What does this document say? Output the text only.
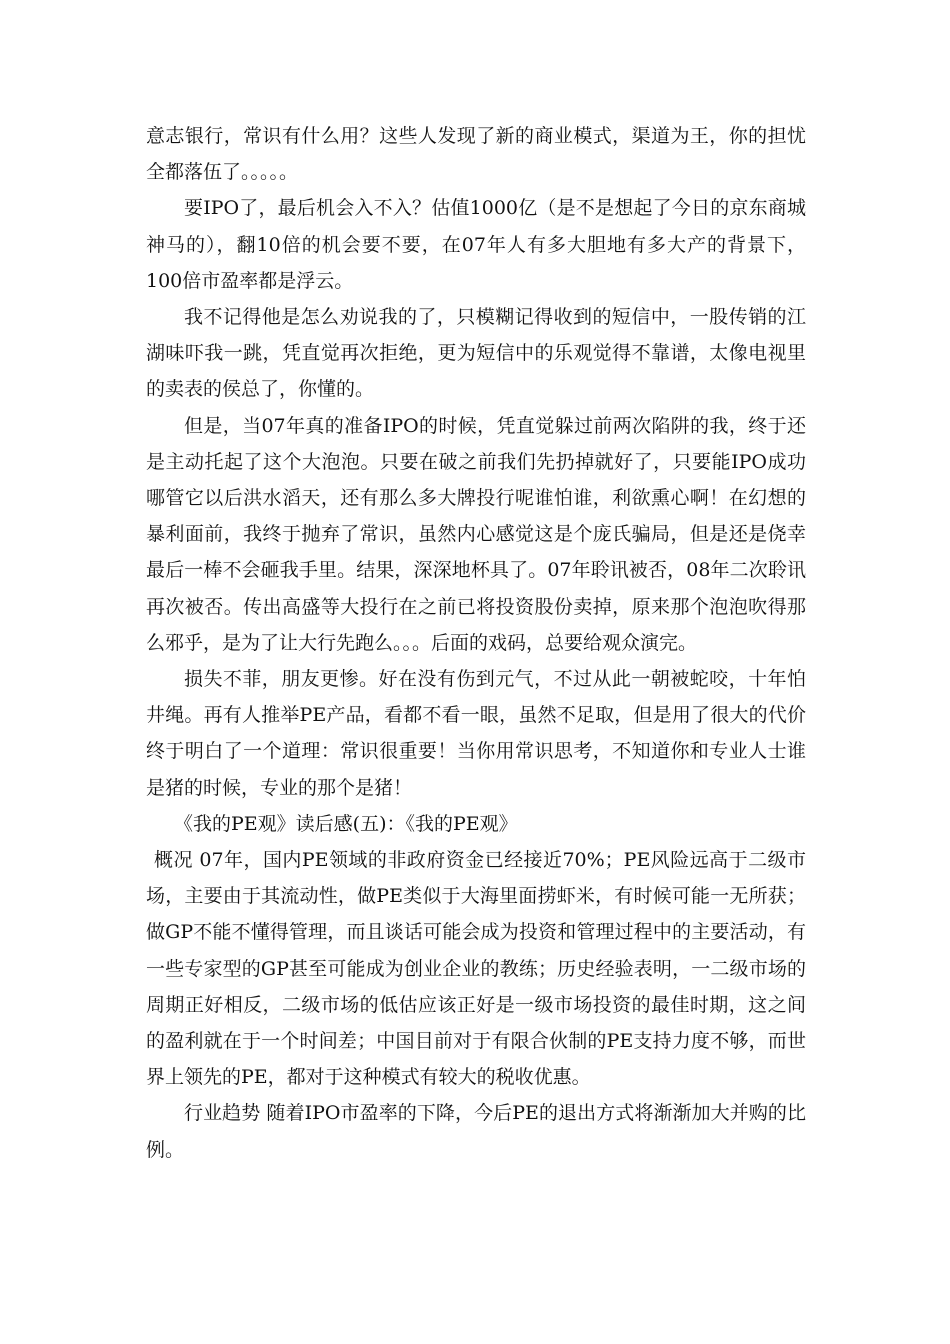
意志银行，常识有什么用？这些人发现了新的商业模式，渠道为王，你的担忧全都落伍了。。。。。

要IPO了，最后机会入不入？估值1000亿（是不是想起了今日的京东商城神马的），翻10倍的机会要不要，在07年人有多大胆地有多大产的背景下，100倍市盈率都是浮云。

我不记得他是怎么劝说我的了，只模糊记得收到的短信中，一股传销的江湖味吓我一跳，凭直觉再次拒绝，更为短信中的乐观觉得不靠谱，太像电视里的卖表的侯总了，你懂的。

但是，当07年真的准备IPO的时候，凭直觉躲过前两次陷阱的我，终于还是主动托起了这个大泡泡。只要在破之前我们先扔掉就好了，只要能IPO成功哪管它以后洪水滔天，还有那么多大牌投行呢谁怕谁，利欲熏心啊！在幻想的暴利面前，我终于抛弃了常识，虽然内心感觉这是个庞氏骗局，但是还是侥幸最后一棒不会砸我手里。结果，深深地杯具了。07年聆讯被否，08年二次聆讯再次被否。传出高盛等大投行在之前已将投资股份卖掉，原来那个泡泡吹得那么邪乎，是为了让大行先跑么。。。后面的戏码，总要给观众演完。

损失不菲，朋友更惨。好在没有伤到元气，不过从此一朝被蛇咬，十年怕井绳。再有人推举PE产品，看都不看一眼，虽然不足取，但是用了很大的代价终于明白了一个道理：常识很重要！当你用常识思考，不知道你和专业人士谁是猪的时候，专业的那个是猪！

《我的PE观》读后感(五)：《我的PE观》

概况 07年，国内PE领域的非政府资金已经接近70%；PE风险远高于二级市场，主要由于其流动性，做PE类似于大海里面捞虾米，有时候可能一无所获；做GP不能不懂得管理，而且谈话可能会成为投资和管理过程中的主要活动，有一些专家型的GP甚至可能成为创业企业的教练；历史经验表明，一二级市场的周期正好相反，二级市场的低估应该正好是一级市场投资的最佳时期，这之间的盈利就在于一个时间差；中国目前对于有限合伙制的PE支持力度不够，而世界上领先的PE，都对于这种模式有较大的税收优惠。

行业趋势 随着IPO市盈率的下降，今后PE的退出方式将渐渐加大并购的比例。
